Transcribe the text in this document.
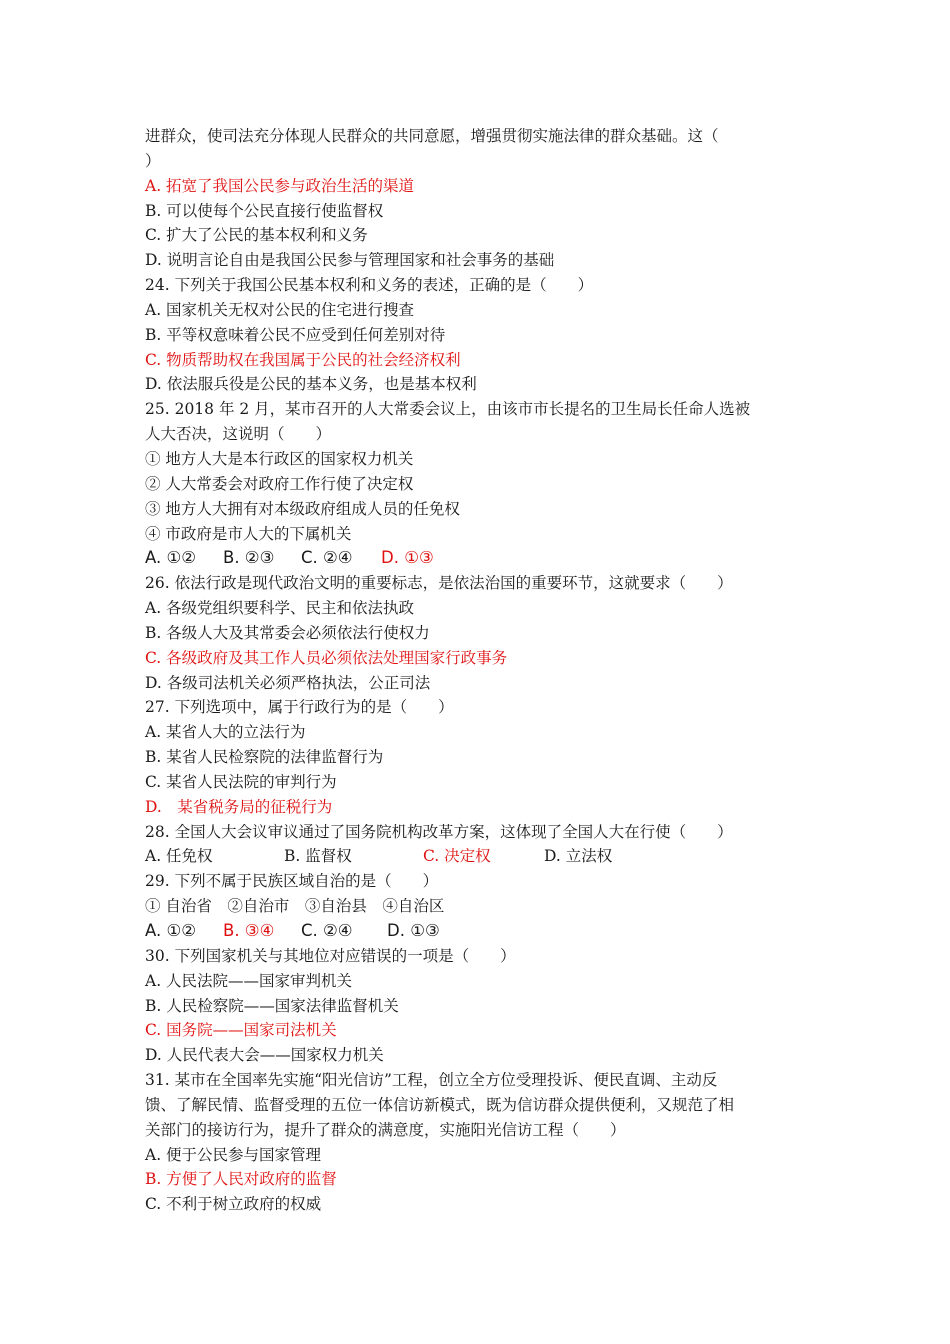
进群众，使司法充分体现人民群众的共同意愿，增强贯彻实施法律的群众基础。这（
）
A. 拓宽了我国公民参与政治生活的渠道
B. 可以使每个公民直接行使监督权
C. 扩大了公民的基本权利和义务
D. 说明言论自由是我国公民参与管理国家和社会事务的基础
24. 下列关于我国公民基本权利和义务的表述，正确的是（　　）
A. 国家机关无权对公民的住宅进行搜查
B. 平等权意味着公民不应受到任何差别对待
C. 物质帮助权在我国属于公民的社会经济权利
D. 依法服兵役是公民的基本义务，也是基本权利
25. 2018 年 2 月，某市召开的人大常委会议上，由该市市长提名的卫生局长任命人选被
人大否决，这说明（　　）
① 地方人大是本行政区的国家权力机关
② 人大常委会对政府工作行使了决定权
③ 地方人大拥有对本级政府组成人员的任免权
④ 市政府是市人大的下属机关
A. ①② B. ②③ C. ②④ D. ①③
26. 依法行政是现代政治文明的重要标志，是依法治国的重要环节，这就要求（　　）
A. 各级党组织要科学、民主和依法执政
B. 各级人大及其常委会必须依法行使权力
C. 各级政府及其工作人员必须依法处理国家行政事务
D. 各级司法机关必须严格执法，公正司法
27. 下列选项中，属于行政行为的是（　　）
A. 某省人大的立法行为
B. 某省人民检察院的法律监督行为
C. 某省人民法院的审判行为
D.　某省税务局的征税行为
28. 全国人大会议审议通过了国务院机构改革方案，这体现了全国人大在行使（　　）
A. 任免权	B. 监督权	C. 决定权	D. 立法权
29. 下列不属于民族区域自治的是（　　）
① 自治省　②自治市　③自治县　④自治区
A. ①② B. ③④ C. ②④ D. ①③
30. 下列国家机关与其地位对应错误的一项是（　　）
A. 人民法院——国家审判机关
B. 人民检察院——国家法律监督机关
C. 国务院——国家司法机关
D. 人民代表大会——国家权力机关
31. 某市在全国率先实施“阳光信访”工程，创立全方位受理投诉、便民直调、主动反
馈、了解民情、监督受理的五位一体信访新模式，既为信访群众提供便利，又规范了相
关部门的接访行为，提升了群众的满意度，实施阳光信访工程（　　）
A. 便于公民参与国家管理
B. 方便了人民对政府的监督
C. 不利于树立政府的权威
